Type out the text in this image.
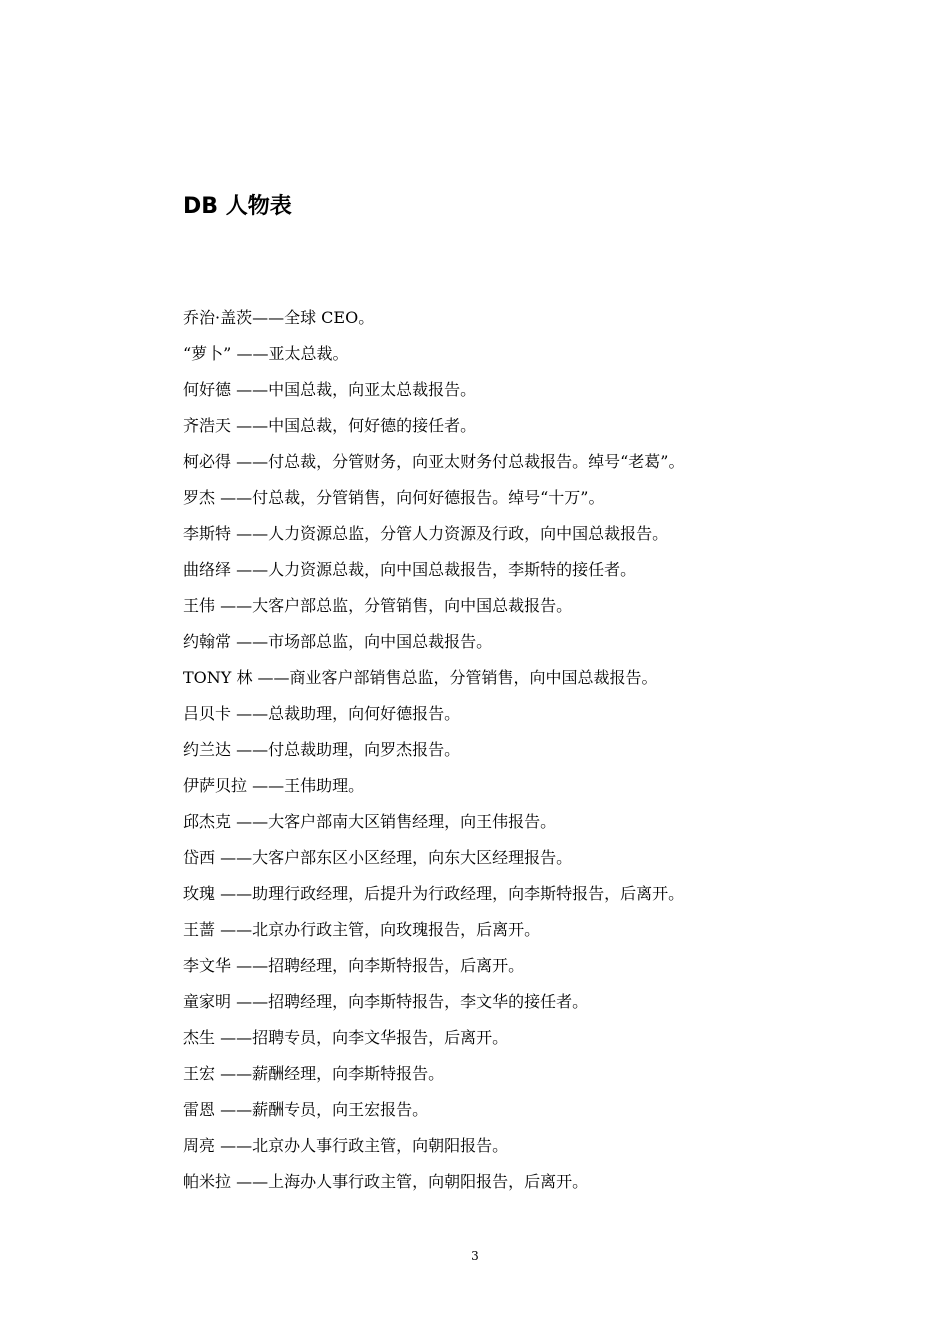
DB 人物表
乔治·盖茨——全球 CEO。
“萝卜” ——亚太总裁。
何好德 ——中国总裁，向亚太总裁报告。
齐浩天 ——中国总裁，何好德的接任者。
柯必得 ——付总裁，分管财务，向亚太财务付总裁报告。绰号“老葛”。
罗杰 ——付总裁，分管销售，向何好德报告。绰号“十万”。
李斯特 ——人力资源总监，分管人力资源及行政，向中国总裁报告。
曲络绎 ——人力资源总裁，向中国总裁报告，李斯特的接任者。
王伟 ——大客户部总监，分管销售，向中国总裁报告。
约翰常 ——市场部总监，向中国总裁报告。
TONY 林 ——商业客户部销售总监，分管销售，向中国总裁报告。
吕贝卡 ——总裁助理，向何好德报告。
约兰达 ——付总裁助理，向罗杰报告。
伊萨贝拉 ——王伟助理。
邱杰克 ——大客户部南大区销售经理，向王伟报告。
岱西 ——大客户部东区小区经理，向东大区经理报告。
玫瑰 ——助理行政经理，后提升为行政经理，向李斯特报告，后离开。
王蔷 ——北京办行政主管，向玫瑰报告，后离开。
李文华 ——招聘经理，向李斯特报告，后离开。
童家明 ——招聘经理，向李斯特报告，李文华的接任者。
杰生 ——招聘专员，向李文华报告，后离开。
王宏 ——薪酬经理，向李斯特报告。
雷恩 ——薪酬专员，向王宏报告。
周亮 ——北京办人事行政主管，向朝阳报告。
帕米拉 ——上海办人事行政主管，向朝阳报告，后离开。
3
